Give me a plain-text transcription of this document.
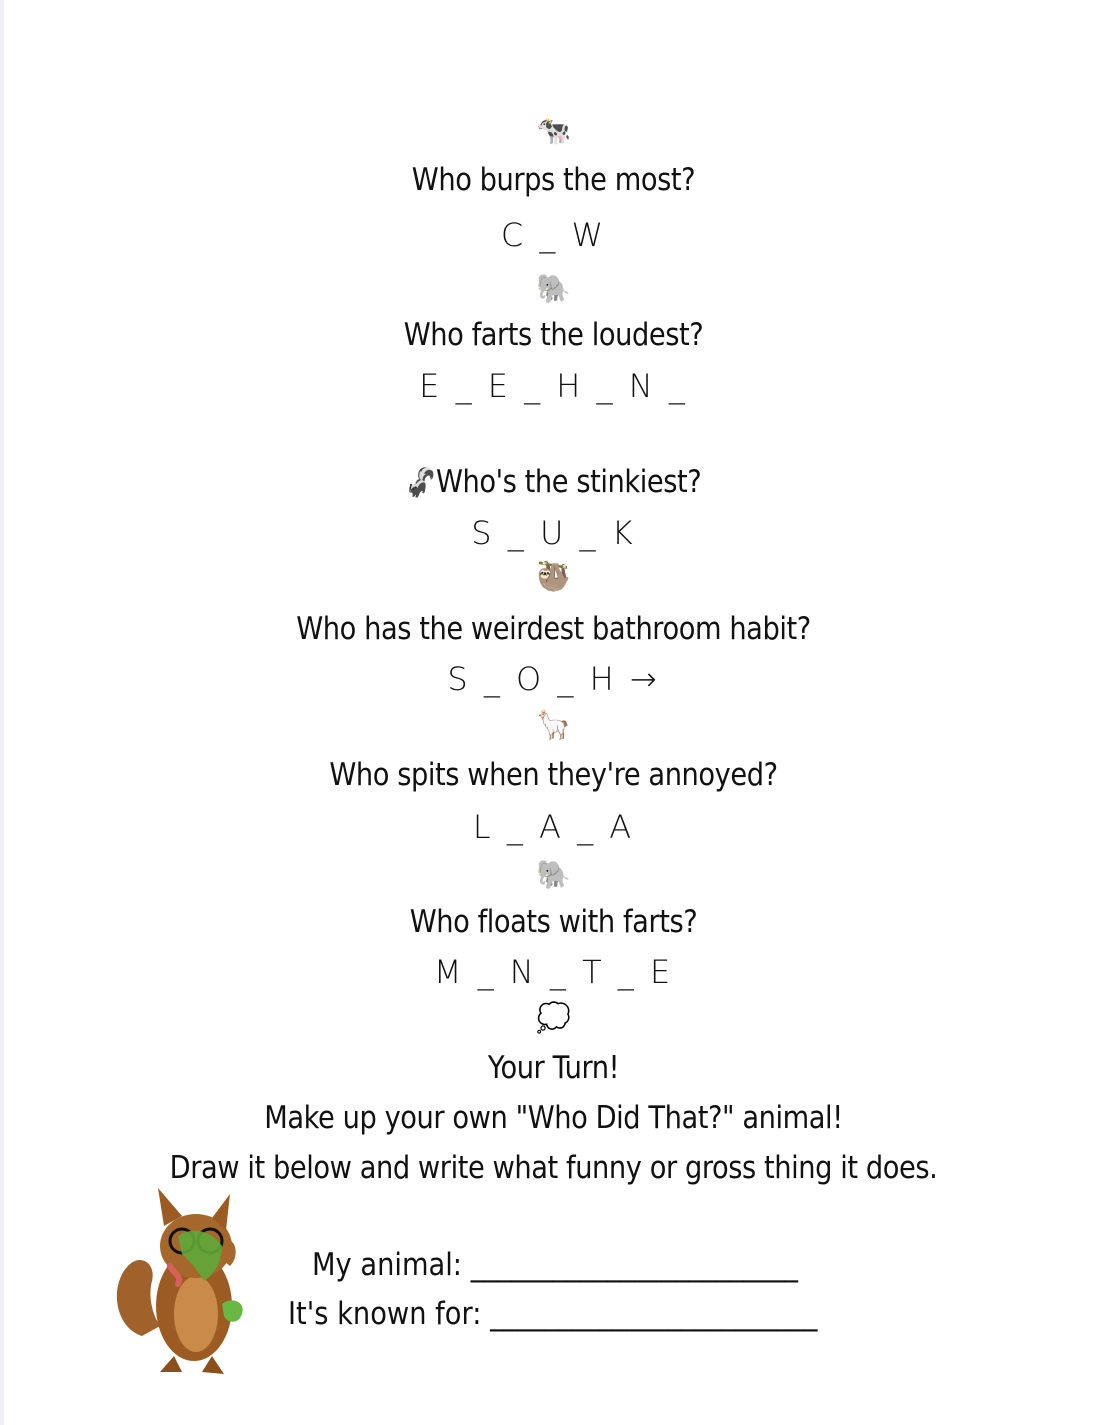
🐄
Who burps the most?
C _ W
🐘
Who farts the loudest?
E _ E _ H _ N _
🦨Who's the stinkiest?
S _ U _ K
🦥
Who has the weirdest bathroom habit?
S _ O _ H →
🦙
Who spits when they're annoyed?
L _ A _ A
🐘
Who floats with farts?
M _ N _ T _ E
💭
Your Turn!
Make up your own "Who Did That?" animal!
Draw it below and write what funny or gross thing it does.
My animal: ________________________
It's known for: ________________________
